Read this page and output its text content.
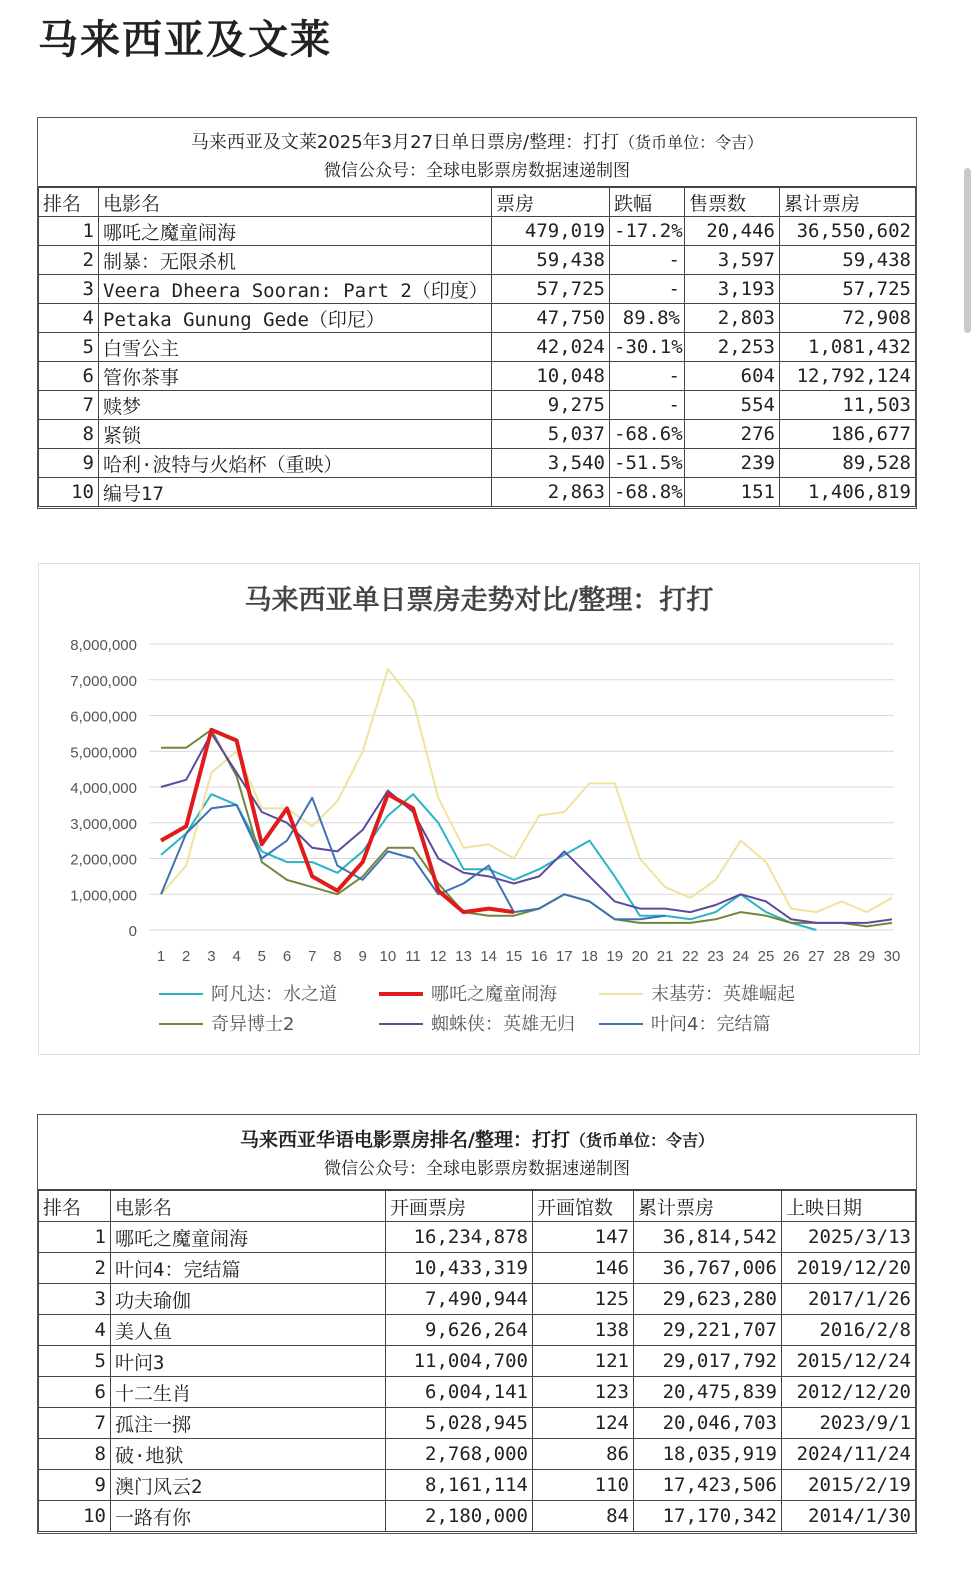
马来西亚及文莱
马来西亚及文莱2025年3月27日单日票房/整理：打打（货币单位：令吉）
微信公众号：全球电影票房数据速递制图
排名	电影名	票房	跌幅	售票数	累计票房
1	哪吒之魔童闹海	479,019	-17.2%	20,446	36,550,602
2	制暴：无限杀机	59,438	-	3,597	59,438
3	Veera Dheera Sooran: Part 2（印度）	57,725	-	3,193	57,725
4	Petaka Gunung Gede（印尼）	47,750	89.8%	2,803	72,908
5	白雪公主	42,024	-30.1%	2,253	1,081,432
6	管你茶事	10,048	-	604	12,792,124
7	赎梦	9,275	-	554	11,503
8	紧锁	5,037	-68.6%	276	186,677
9	哈利·波特与火焰杯（重映）	3,540	-51.5%	239	89,528
10	编号17	2,863	-68.8%	151	1,406,819
马来西亚单日票房走势对比/整理：打打
8,000,000
7,000,000
6,000,000
5,000,000
4,000,000
3,000,000
2,000,000
1,000,000
0
1 2 3 4 5 6 7 8 9 10 11 12 13 14 15 16 17 18 19 20 21 22 23 24 25 26 27 28 29 30
阿凡达：水之道	哪吒之魔童闹海	末基劳：英雄崛起
奇异博士2	蜘蛛侠：英雄无归	叶问4：完结篇
马来西亚华语电影票房排名/整理：打打（货币单位：令吉）
微信公众号：全球电影票房数据速递制图
排名	电影名	开画票房	开画馆数	累计票房	上映日期
1	哪吒之魔童闹海	16,234,878	147	36,814,542	2025/3/13
2	叶问4：完结篇	10,433,319	146	36,767,006	2019/12/20
3	功夫瑜伽	7,490,944	125	29,623,280	2017/1/26
4	美人鱼	9,626,264	138	29,221,707	2016/2/8
5	叶问3	11,004,700	121	29,017,792	2015/12/24
6	十二生肖	6,004,141	123	20,475,839	2012/12/20
7	孤注一掷	5,028,945	124	20,046,703	2023/9/1
8	破·地狱	2,768,000	86	18,035,919	2024/11/24
9	澳门风云2	8,161,114	110	17,423,506	2015/2/19
10	一路有你	2,180,000	84	17,170,342	2014/1/30
